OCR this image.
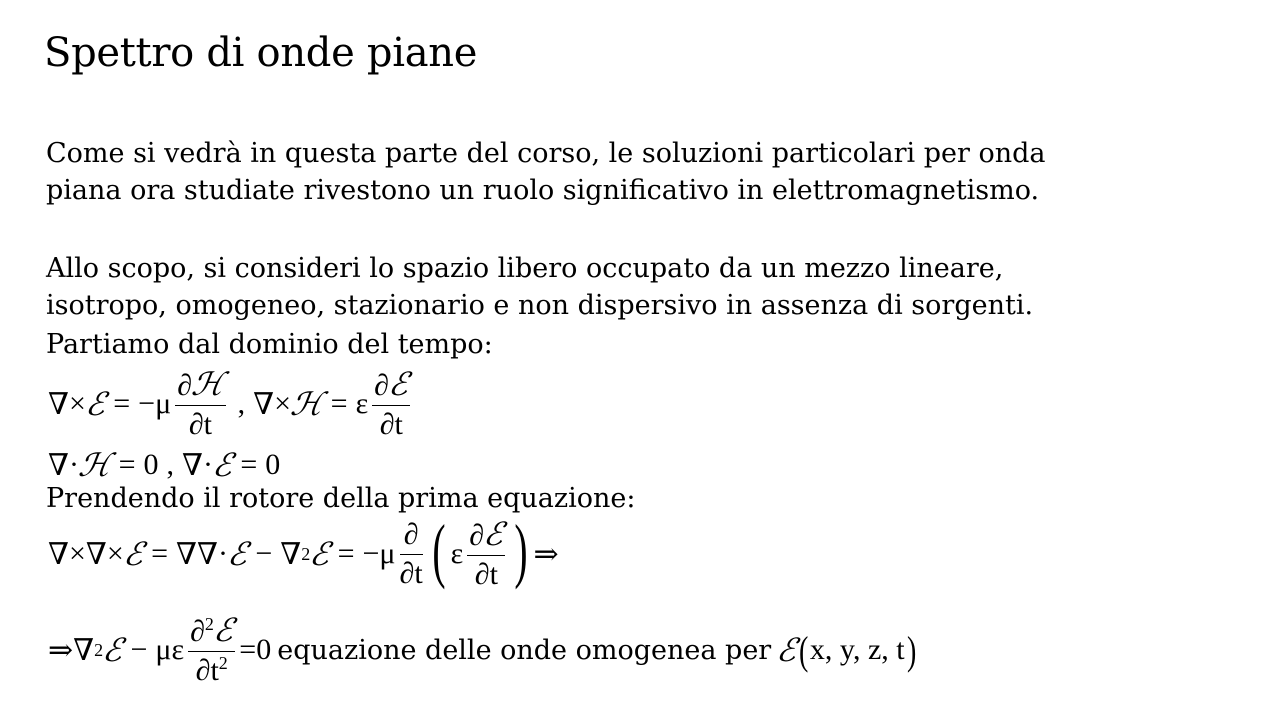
Spettro di onde piane

Come si vedrà in questa parte del corso, le soluzioni particolari per onda
piana ora studiate rivestono un ruolo significativo in elettromagnetismo.

Allo scopo, si consideri lo spazio libero occupato da un mezzo lineare,
isotropo, omogeneo, stazionario e non dispersivo in assenza di sorgenti.

Partiamo dal dominio del tempo:

∇ ×
ℰ = − μ $\frac{\text{∂ℋ}}{\partial t}$ , ∇ ×
ℋ = ε $\frac{\text{∂ℰ}}{\partial t}$
∇ ·
ℋ = 0 , ∇ ·
ℰ = 0

Prendendo il rotore della prima equazione:

∇ × ∇ ×
ℰ = ∇ ∇ ·
ℰ − ∇ 2
ℰ = − μ $\frac{\partial}{\partial t}$ ( ε $\frac{\text{∂ℰ}}{\partial t}$ ) ⇒
⇒ ∇ 2
ℰ − μ ε $\frac{\partial^2ℰ}{\partial t^2} = 0$ equazione delle onde omogenea per ℰ ( x, y, z, t )
